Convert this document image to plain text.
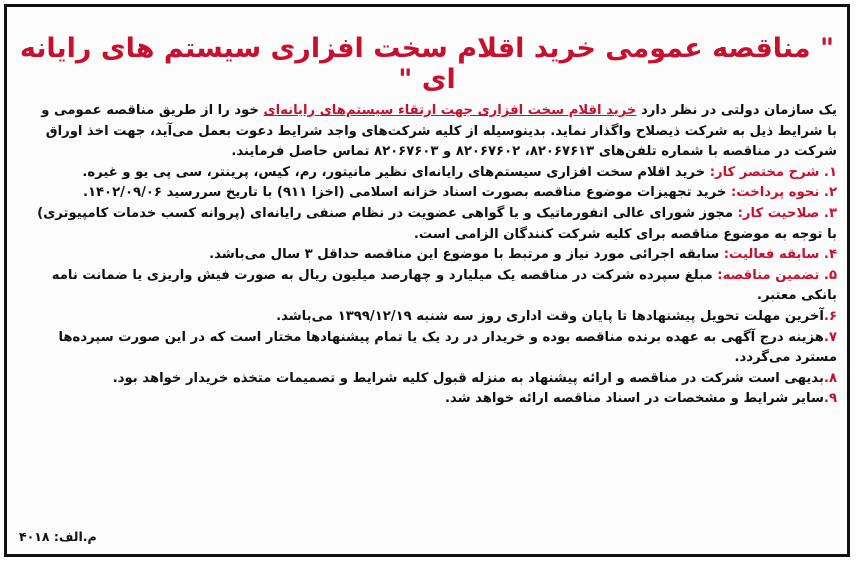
" مناقصه عمومی خرید اقلام سخت افزاری سیستم های رایانه ای "
یک سازمان دولتی در نظر دارد خرید اقلام سخت افزاری جهت ارتقاء سیستم‌های رایانه‌ای خود را از طریق مناقصه عمومی و
با شرایط ذیل به شرکت ذیصلاح واگذار نماید. بدینوسیله از کلیه شرکت‌های واجد شرایط دعوت بعمل می‌آید، جهت اخذ اوراق
شرکت در مناقصه با شماره تلفن‌های ۸۲۰۶۷۶۱۳، ۸۲۰۶۷۶۰۲ و ۸۲۰۶۷۶۰۳ تماس حاصل فرمایند.
۱. شرح مختصر کار: خرید اقلام سخت افزاری سیستم‌های رایانه‌ای نظیر مانیتور، رم، کیس، پرینتر، سی پی یو و غیره.
۲. نحوه پرداخت: خرید تجهیزات موضوع مناقصه بصورت اسناد خزانه اسلامی (اخزا ۹۱۱) با تاریخ سررسید ۱۴۰۲/۰۹/۰۶.
۳. صلاحیت کار: مجوز شورای عالی انفورماتیک و یا گواهی عضویت در نظام صنفی رایانه‌ای (پروانه کسب خدمات کامپیوتری)
با توجه به موضوع مناقصه برای کلیه شرکت کنندگان الزامی است.
۴. سابقه فعالیت: سابقه اجرائی مورد نیاز و مرتبط با موضوع این مناقصه حداقل ۳ سال می‌باشد.
۵. تضمین مناقصه: مبلغ سپرده شرکت در مناقصه یک میلیارد و چهارصد میلیون ریال به صورت فیش واریزی یا ضمانت نامه
بانکی معتبر.
۶.آخرین مهلت تحویل پیشنهادها تا پایان وقت اداری روز سه شنبه ۱۳۹۹/۱۲/۱۹ می‌باشد.
۷.هزینه درج آگهی به عهده برنده مناقصه بوده و خریدار در رد یک یا تمام پیشنهادها مختار است که در این صورت سپرده‌ها
مسترد می‌گردد.
۸.بدیهی است شرکت در مناقصه و ارائه پیشنهاد به منزله قبول کلیه شرایط و تصمیمات متخذه خریدار خواهد بود.
۹.سایر شرایط و مشخصات در اسناد مناقصه ارائه خواهد شد.
م.الف: ۴۰۱۸
